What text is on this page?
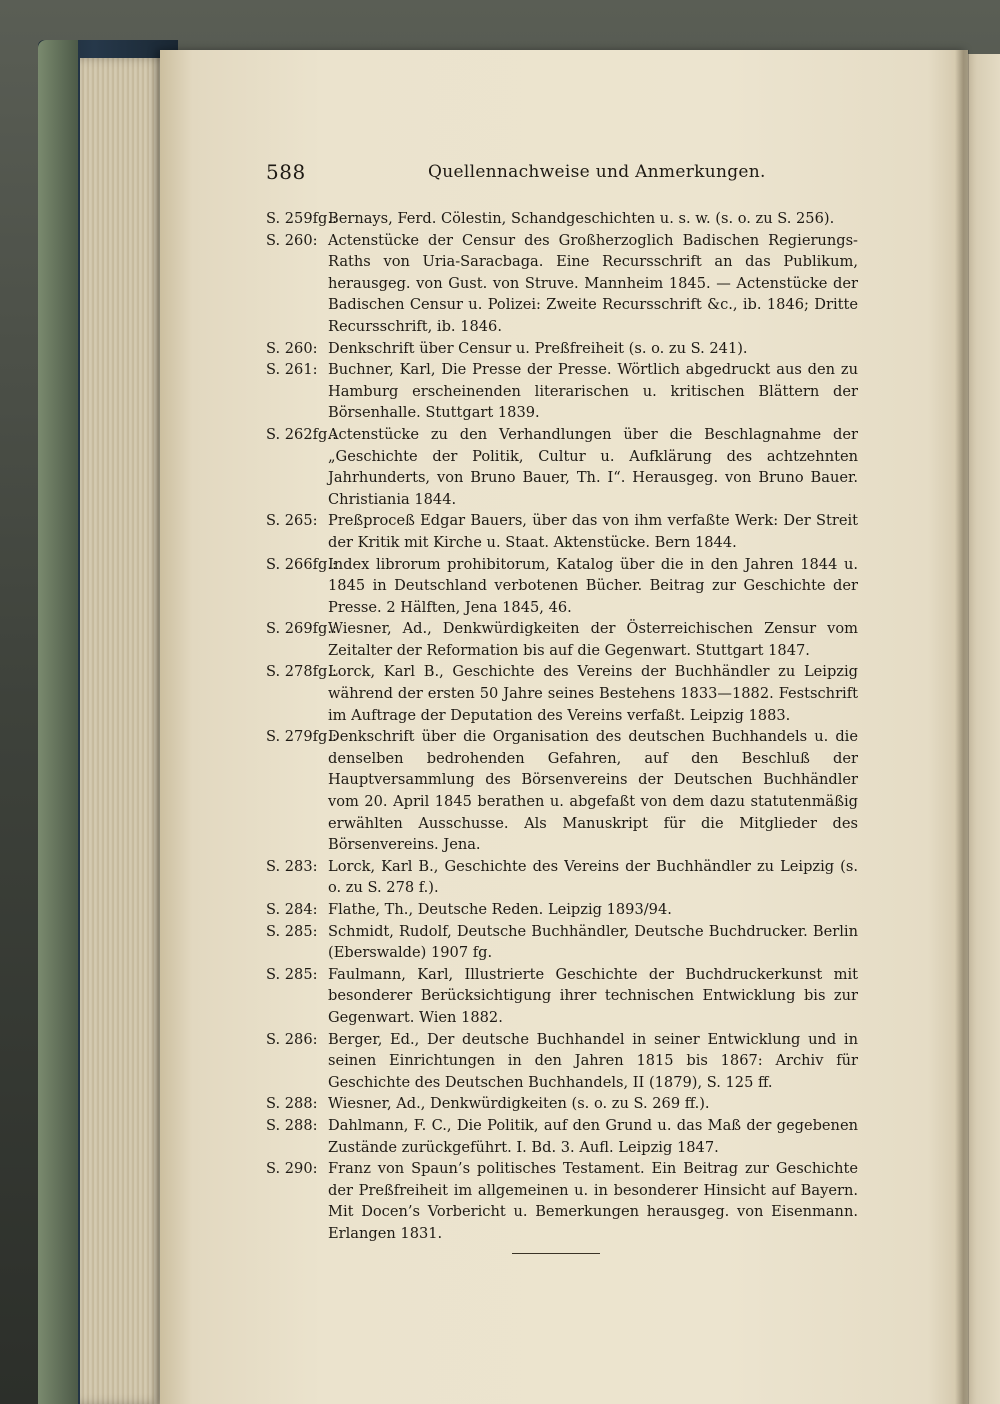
588	Quellennachweise und Anmerkungen.
S. 259fg.:
Bernays, Ferd. Cölestin, Schandgeschichten u. s. w. (s. o. zu S. 256).
S. 260: Actenstücke der Censur des Großherzoglich Badischen Regierungs-Raths von Uria-Saracbaga. Eine Recursschrift an das Publikum, herausgeg. von Gust. von Struve. Mannheim 1845. — Actenstücke der Badischen Censur u. Polizei: Zweite Recursschrift &c., ib. 1846; Dritte Recursschrift, ib. 1846.
S. 260: Denkschrift über Censur u. Preßfreiheit (s. o. zu S. 241).
S. 261: Buchner, Karl, Die Presse der Presse. Wörtlich abgedruckt aus den zu Hamburg erscheinenden literarischen u. kritischen Blättern der Börsenhalle. Stuttgart 1839.
S. 262fg.:
Actenstücke zu den Verhandlungen über die Beschlagnahme der „Geschichte der Politik, Cultur u. Aufklärung des achtzehnten Jahrhunderts, von Bruno Bauer, Th. I“. Herausgeg. von Bruno Bauer. Christiania 1844.
S. 265: Preßproceß Edgar Bauers, über das von ihm verfaßte Werk: Der Streit der Kritik mit Kirche u. Staat. Aktenstücke. Bern 1844.
S. 266fg.:
Index librorum prohibitorum, Katalog über die in den Jahren 1844 u. 1845 in Deutschland verbotenen Bücher. Beitrag zur Geschichte der Presse. 2 Hälften, Jena 1845, 46.
S. 269fg.:
Wiesner, Ad., Denkwürdigkeiten der Österreichischen Zensur vom Zeitalter der Reformation bis auf die Gegenwart. Stuttgart 1847.
S. 278fg.:
Lorck, Karl B., Geschichte des Vereins der Buchhändler zu Leipzig während der ersten 50 Jahre seines Bestehens 1833—1882. Festschrift im Auftrage der Deputation des Vereins verfaßt. Leipzig 1883.
S. 279fg.:
Denkschrift über die Organisation des deutschen Buchhandels u. die denselben bedrohenden Gefahren, auf den Beschluß der Hauptversammlung des Börsenvereins der Deutschen Buchhändler vom 20. April 1845 berathen u. abgefaßt von dem dazu statutenmäßig erwählten Ausschusse. Als Manuskript für die Mitglieder des Börsenvereins. Jena.
S. 283: Lorck, Karl B., Geschichte des Vereins der Buchhändler zu Leipzig (s. o. zu S. 278 f.).
S. 284: Flathe, Th., Deutsche Reden. Leipzig 1893/94.
S. 285: Schmidt, Rudolf, Deutsche Buchhändler, Deutsche Buchdrucker. Berlin (Eberswalde) 1907 fg.
S. 285: Faulmann, Karl, Illustrierte Geschichte der Buchdruckerkunst mit besonderer Berücksichtigung ihrer technischen Entwicklung bis zur Gegenwart. Wien 1882.
S. 286: Berger, Ed., Der deutsche Buchhandel in seiner Entwicklung und in seinen Einrichtungen in den Jahren 1815 bis 1867: Archiv für Geschichte des Deutschen Buchhandels, II (1879), S. 125 ff.
S. 288: Wiesner, Ad., Denkwürdigkeiten (s. o. zu S. 269 ff.).
S. 288: Dahlmann, F. C., Die Politik, auf den Grund u. das Maß der gegebenen Zustände zurückgeführt. I. Bd. 3. Aufl. Leipzig 1847.
S. 290: Franz von Spaun’s politisches Testament. Ein Beitrag zur Geschichte der Preßfreiheit im allgemeinen u. in besonderer Hinsicht auf Bayern. Mit Docen’s Vorbericht u. Bemerkungen herausgeg. von Eisenmann. Erlangen 1831.
